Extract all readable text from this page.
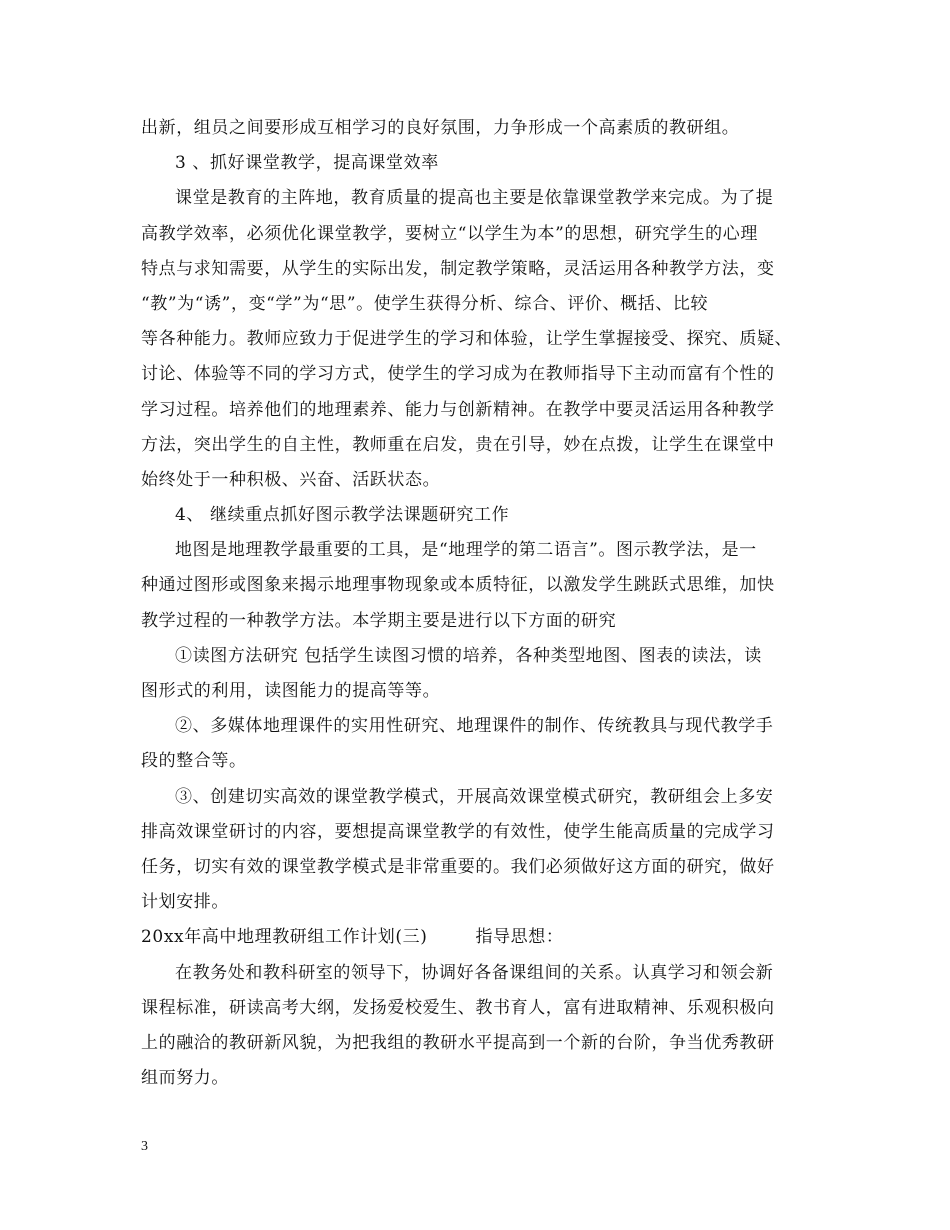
出新，组员之间要形成互相学习的良好氛围，力争形成一个高素质的教研组。
3 、抓好课堂教学，提高课堂效率
课堂是教育的主阵地，教育质量的提高也主要是依靠课堂教学来完成。为了提
高教学效率，必须优化课堂教学，要树立“以学生为本”的思想，研究学生的心理
特点与求知需要，从学生的实际出发，制定教学策略，灵活运用各种教学方法，变
“教”为“诱”，变“学”为“思”。使学生获得分析、综合、评价、概括、比较
等各种能力。教师应致力于促进学生的学习和体验，让学生掌握接受、探究、质疑、
讨论、体验等不同的学习方式，使学生的学习成为在教师指导下主动而富有个性的
学习过程。培养他们的地理素养、能力与创新精神。在教学中要灵活运用各种教学
方法，突出学生的自主性，教师重在启发，贵在引导，妙在点拨，让学生在课堂中
始终处于一种积极、兴奋、活跃状态。
4、 继续重点抓好图示教学法课题研究工作
地图是地理教学最重要的工具，是“地理学的第二语言”。图示教学法，是一
种通过图形或图象来揭示地理事物现象或本质特征，以激发学生跳跃式思维，加快
教学过程的一种教学方法。本学期主要是进行以下方面的研究
①读图方法研究 包括学生读图习惯的培养，各种类型地图、图表的读法，读
图形式的利用，读图能力的提高等等。
②、多媒体地理课件的实用性研究、地理课件的制作、传统教具与现代教学手
段的整合等。
③、创建切实高效的课堂教学模式，开展高效课堂模式研究，教研组会上多安
排高效课堂研讨的内容，要想提高课堂教学的有效性，使学生能高质量的完成学习
任务，切实有效的课堂教学模式是非常重要的。我们必须做好这方面的研究，做好
计划安排。
20xx年高中地理教研组工作计划(三)	指导思想：
在教务处和教科研室的领导下，协调好各备课组间的关系。认真学习和领会新
课程标准，研读高考大纲，发扬爱校爱生、教书育人，富有进取精神、乐观积极向
上的融洽的教研新风貌，为把我组的教研水平提高到一个新的台阶，争当优秀教研
组而努力。
3
